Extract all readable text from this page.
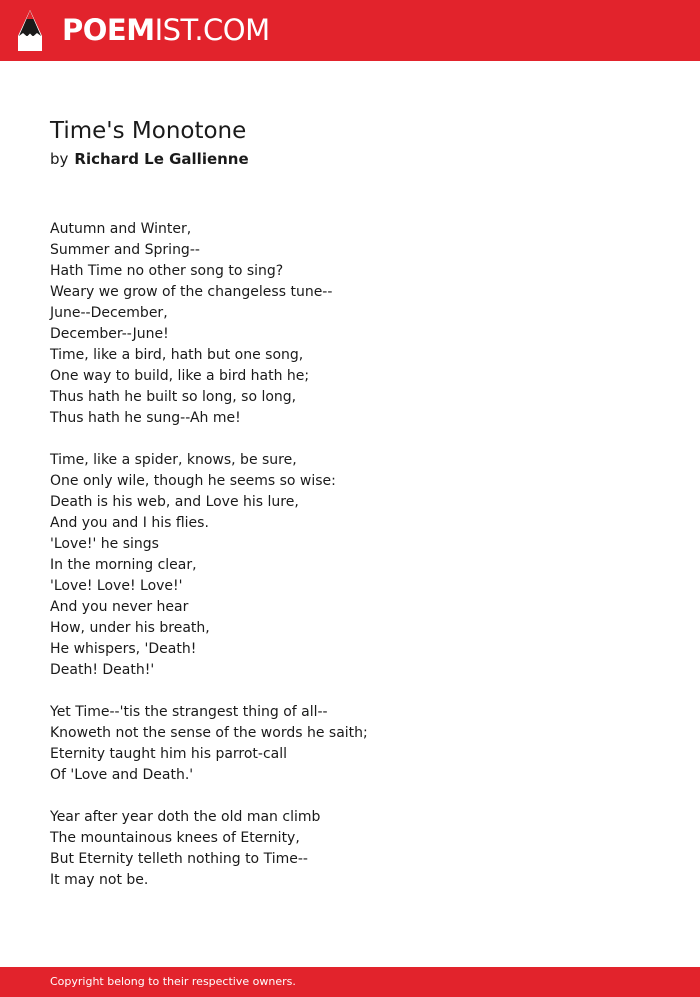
POEMIST.COM
Time's Monotone
by Richard Le Gallienne
Autumn and Winter,
Summer and Spring--
Hath Time no other song to sing?
Weary we grow of the changeless tune--
June--December,
December--June!
Time, like a bird, hath but one song,
One way to build, like a bird hath he;
Thus hath he built so long, so long,
Thus hath he sung--Ah me!
Time, like a spider, knows, be sure,
One only wile, though he seems so wise:
Death is his web, and Love his lure,
And you and I his flies.
'Love!' he sings
In the morning clear,
'Love! Love! Love!'
And you never hear
How, under his breath,
He whispers, 'Death!
Death! Death!'
Yet Time--'tis the strangest thing of all--
Knoweth not the sense of the words he saith;
Eternity taught him his parrot-call
Of 'Love and Death.'
Year after year doth the old man climb
The mountainous knees of Eternity,
But Eternity telleth nothing to Time--
It may not be.
Copyright belong to their respective owners.
